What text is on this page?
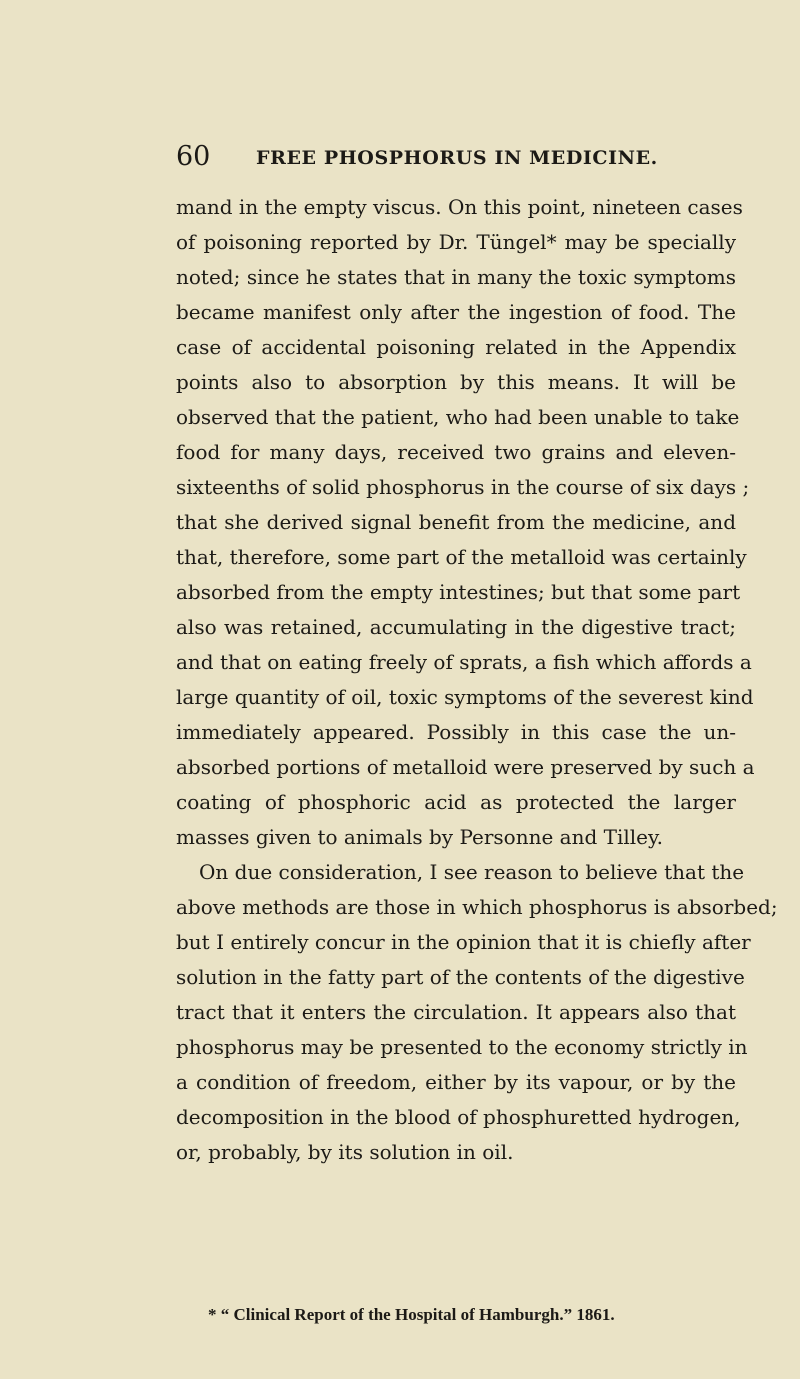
60 FREE PHOSPHORUS IN MEDICINE.
mand in the empty viscus. On this point, nineteen cases
of poisoning reported by Dr. Tüngel* may be specially
noted; since he states that in many the toxic symptoms
became manifest only after the ingestion of food. The
case of accidental poisoning related in the Appendix
points also to absorption by this means. It will be
observed that the patient, who had been unable to take
food for many days, received two grains and eleven-
sixteenths of solid phosphorus in the course of six days ;
that she derived signal benefit from the medicine, and
that, therefore, some part of the metalloid was certainly
absorbed from the empty intestines; but that some part
also was retained, accumulating in the digestive tract;
and that on eating freely of sprats, a fish which affords a
large quantity of oil, toxic symptoms of the severest kind
immediately appeared. Possibly in this case the un-
absorbed portions of metalloid were preserved by such a
coating of phosphoric acid as protected the larger
masses given to animals by Personne and Tilley.
On due consideration, I see reason to believe that the
above methods are those in which phosphorus is absorbed;
but I entirely concur in the opinion that it is chiefly after
solution in the fatty part of the contents of the digestive
tract that it enters the circulation. It appears also that
phosphorus may be presented to the economy strictly in
a condition of freedom, either by its vapour, or by the
decomposition in the blood of phosphuretted hydrogen,
or, probably, by its solution in oil.
* “ Clinical Report of the Hospital of Hamburgh.” 1861.
